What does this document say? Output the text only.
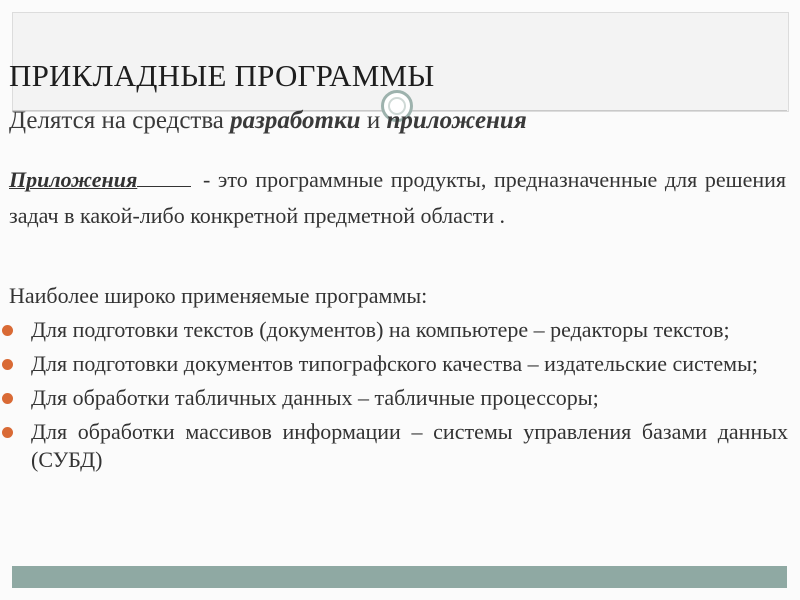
ПРИКЛАДНЫЕ ПРОГРАММЫ
Делятся на средства разработки и приложения
Приложения	- это программные продукты, предназначенные для решения задач в какой-либо конкретной предметной области .
Наиболее широко применяемые программы:
Для подготовки текстов (документов) на компьютере – редакторы текстов;
Для подготовки документов типографского качества – издательские системы;
Для обработки табличных данных – табличные процессоры;
Для обработки массивов информации – системы управления базами данных (СУБД)
